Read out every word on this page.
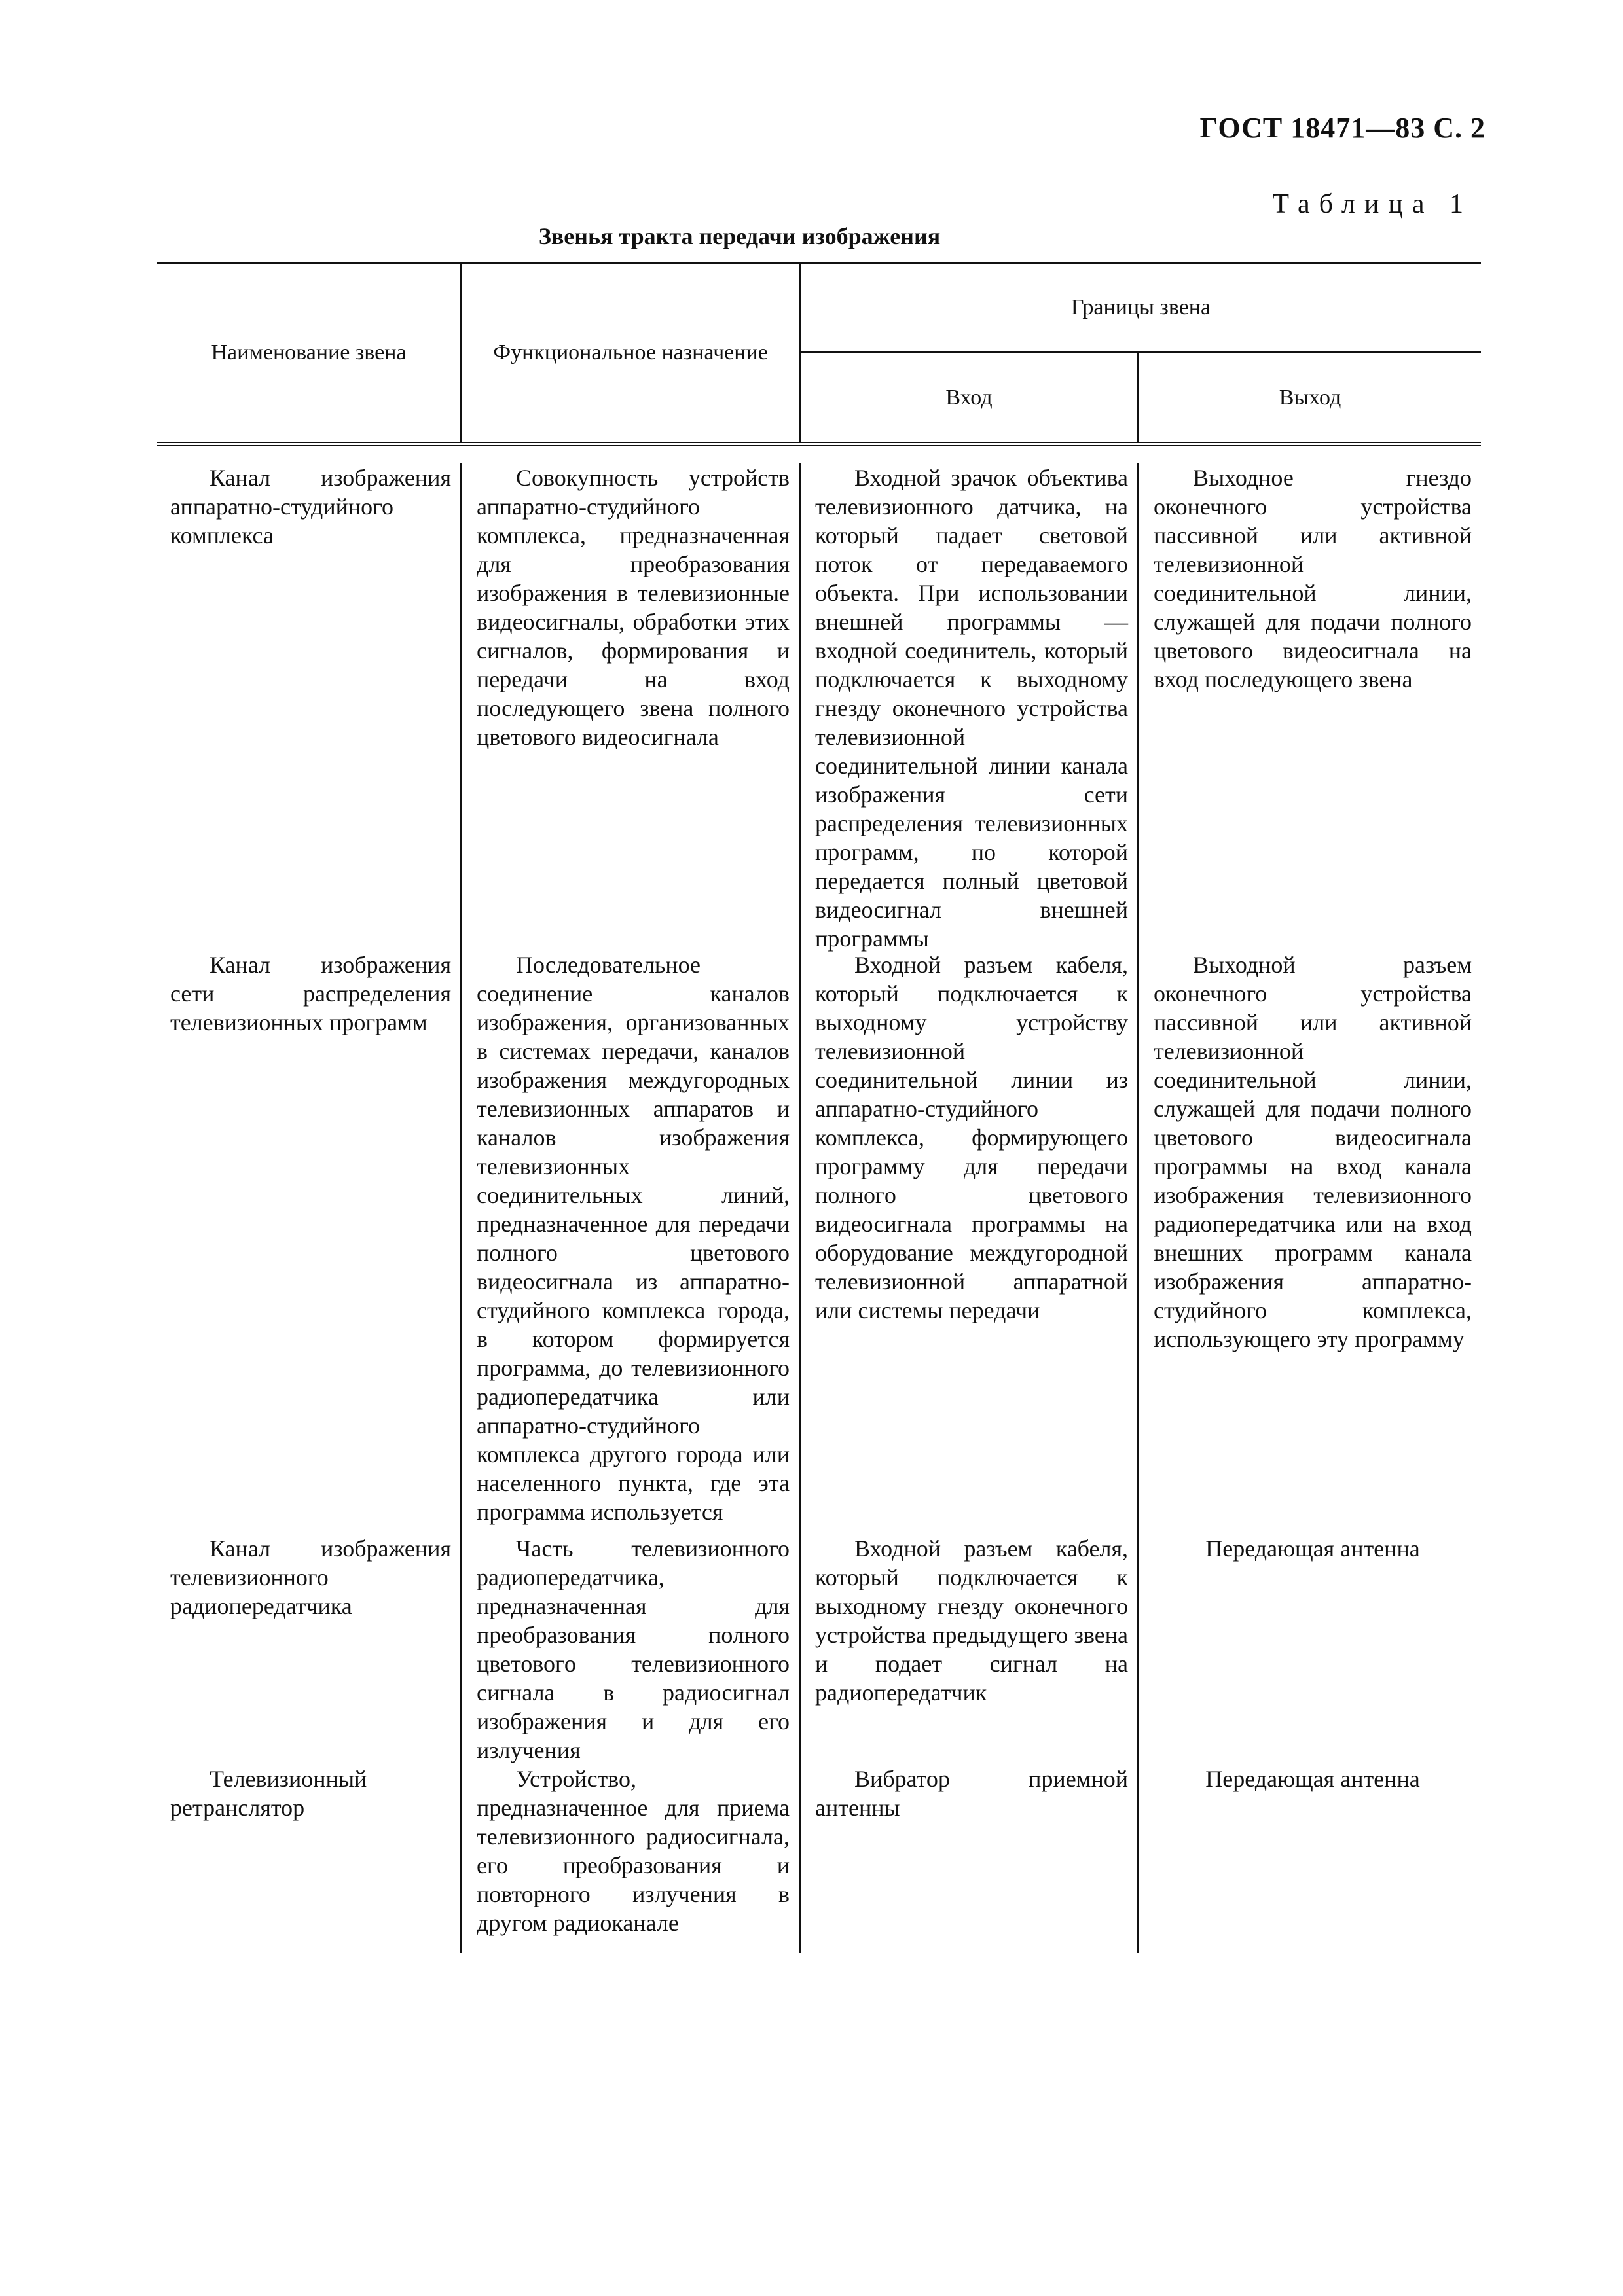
ГОСТ 18471—83 С. 2
Таблица 1
Звенья тракта передачи изображения
Наименование звена	Функциональное назначение
Границы звена
Вход	Выход
Канал изображения аппаратно-студийного комплекса
Совокупность устройств аппаратно-студийного комплекса, предназначенная для преобразования изображения в телевизионные видеосигналы, обработки этих сигналов, формирования и передачи на вход последующего звена полного цветового видеосигнала
Входной зрачок объектива телевизионного датчика, на который падает световой поток от передаваемого объекта. При использовании внешней программы — входной соединитель, который подключается к выходному гнезду оконечного устройства телевизионной соединительной линии канала изображения сети распределения телевизионных программ, по которой передается полный цветовой видеосигнал внешней программы
Выходное гнездо оконечного устройства пассивной или активной телевизионной соединительной линии, служащей для подачи полного цветового видеосигнала на вход последующего звена
Канал изображения сети распределения телевизионных программ
Последовательное соединение каналов изображения, организованных в системах передачи, каналов изображения междугородных телевизионных аппаратов и каналов изображения телевизионных соединительных линий, предназначенное для передачи полного цветового видеосигнала из аппаратно-студийного комплекса города, в котором формируется программа, до телевизионного радиопередатчика или аппаратно-студийного комплекса другого города или населенного пункта, где эта программа используется
Входной разъем кабеля, который подключается к выходному устройству телевизионной соединительной линии из аппаратно-студийного комплекса, формирующего программу для передачи полного цветового видеосигнала программы на оборудование междугородной телевизионной аппаратной или системы передачи
Выходной разъем оконечного устройства пассивной или активной телевизионной соединительной линии, служащей для подачи полного цветового видеосигнала программы на вход канала изображения телевизионного радиопередатчика или на вход внешних программ канала изображения аппаратно-студийного комплекса, использующего эту программу
Канал изображения телевизионного радиопередатчика
Часть телевизионного радиопередатчика, предназначенная для преобразования полного цветового телевизионного сигнала в радиосигнал изображения и для его излучения
Входной разъем кабеля, который подключается к выходному гнезду оконечного устройства предыдущего звена и подает сигнал на радиопередатчик
Передающая антенна
Телевизионный ретранслятор
Устройство, предназначенное для приема телевизионного радиосигнала, его преобразования и повторного излучения в другом радиоканале
Вибратор приемной антенны
Передающая антенна
